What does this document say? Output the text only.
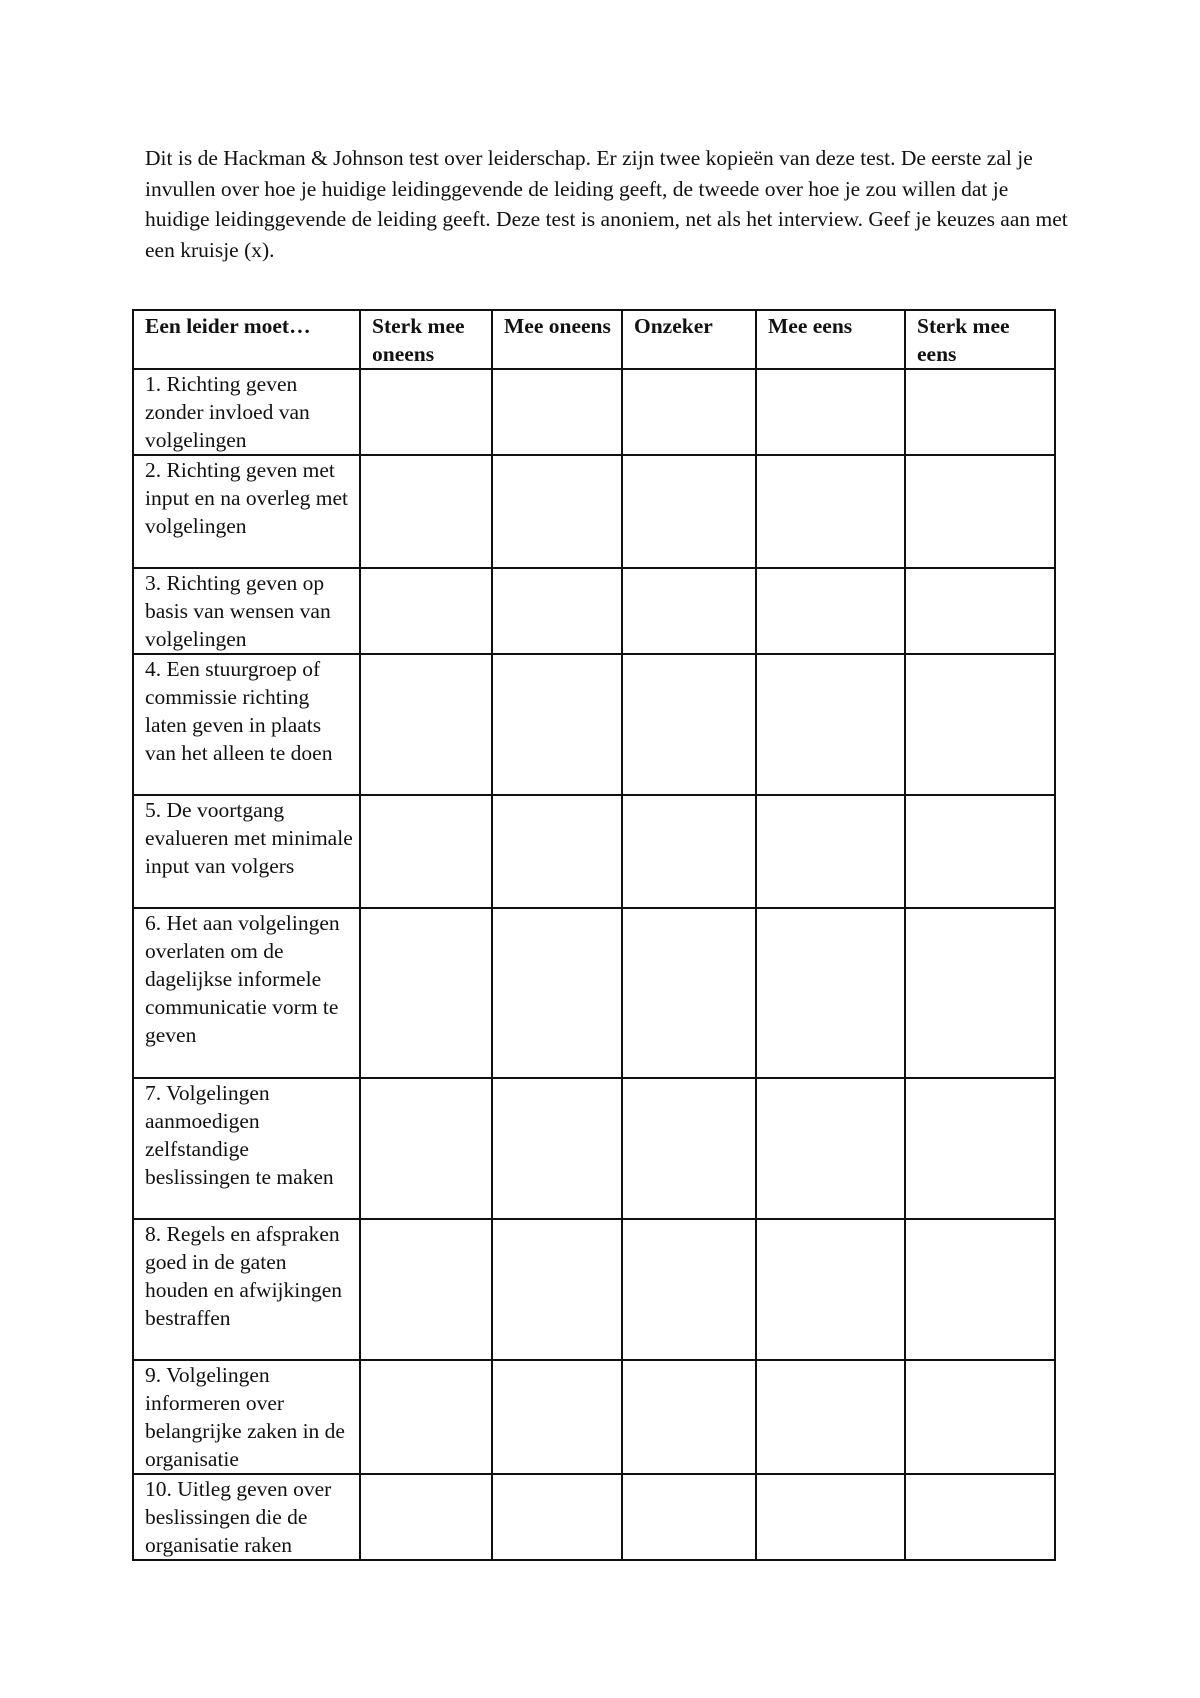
Dit is de Hackman & Johnson test over leiderschap. Er zijn twee kopieën van deze test. De eerste zal je invullen over hoe je huidige leidinggevende de leiding geeft, de tweede over hoe je zou willen dat je huidige leidinggevende de leiding geeft. Deze test is anoniem, net als het interview. Geef je keuzes aan met een kruisje (x).

Een leider moet…	Sterk mee oneens	Mee oneens	Onzeker	Mee eens	Sterk mee eens
1. Richting geven zonder invloed van volgelingen					
2. Richting geven met input en na overleg met volgelingen					
3. Richting geven op basis van wensen van volgelingen					
4. Een stuurgroep of commissie richting laten geven in plaats van het alleen te doen					
5. De voortgang evalueren met minimale input van volgers					
6. Het aan volgelingen overlaten om de dagelijkse informele communicatie vorm te geven					
7. Volgelingen aanmoedigen zelfstandige beslissingen te maken					
8. Regels en afspraken goed in de gaten houden en afwijkingen bestraffen					
9. Volgelingen informeren over belangrijke zaken in de organisatie					
10. Uitleg geven over beslissingen die de organisatie raken					
